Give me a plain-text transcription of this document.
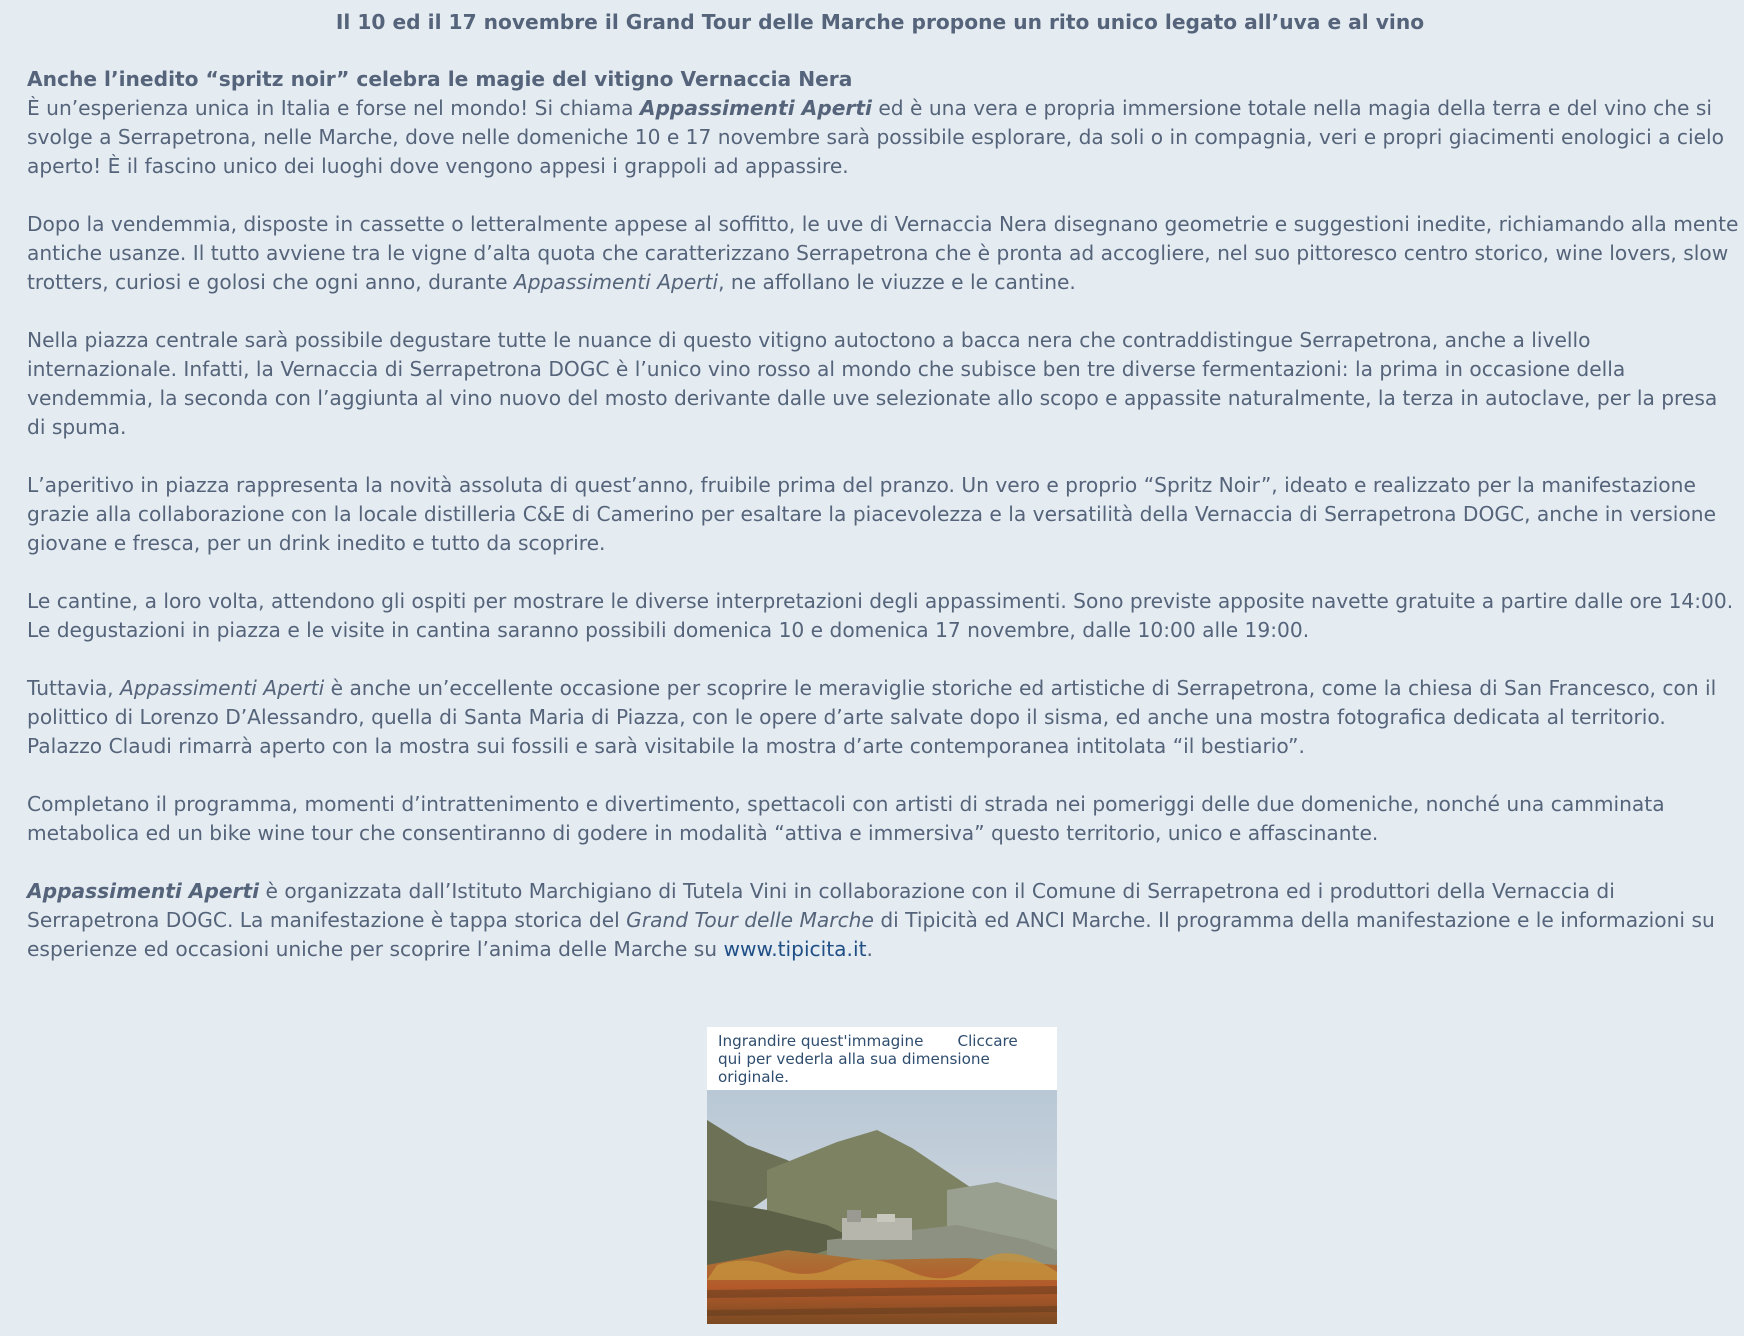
Il 10 ed il 17 novembre il Grand Tour delle Marche propone un rito unico legato all’uva e al vino

Anche l’inedito “spritz noir” celebra le magie del vitigno Vernaccia Nera
È un’esperienza unica in Italia e forse nel mondo! Si chiama Appassimenti Aperti ed è una vera e propria immersione totale nella magia della terra e del vino che si svolge a Serrapetrona, nelle Marche, dove nelle domeniche 10 e 17 novembre sarà possibile esplorare, da soli o in compagnia, veri e propri giacimenti enologici a cielo aperto! È il fascino unico dei luoghi dove vengono appesi i grappoli ad appassire.

Dopo la vendemmia, disposte in cassette o letteralmente appese al soffitto, le uve di Vernaccia Nera disegnano geometrie e suggestioni inedite, richiamando alla mente antiche usanze. Il tutto avviene tra le vigne d’alta quota che caratterizzano Serrapetrona che è pronta ad accogliere, nel suo pittoresco centro storico, wine lovers, slow trotters, curiosi e golosi che ogni anno, durante Appassimenti Aperti, ne affollano le viuzze e le cantine.

Nella piazza centrale sarà possibile degustare tutte le nuance di questo vitigno autoctono a bacca nera che contraddistingue Serrapetrona, anche a livello internazionale. Infatti, la Vernaccia di Serrapetrona DOGC è l’unico vino rosso al mondo che subisce ben tre diverse fermentazioni: la prima in occasione della vendemmia, la seconda con l’aggiunta al vino nuovo del mosto derivante dalle uve selezionate allo scopo e appassite naturalmente, la terza in autoclave, per la presa di spuma.

L’aperitivo in piazza rappresenta la novità assoluta di quest’anno, fruibile prima del pranzo. Un vero e proprio “Spritz Noir”, ideato e realizzato per la manifestazione grazie alla collaborazione con la locale distilleria C&E di Camerino per esaltare la piacevolezza e la versatilità della Vernaccia di Serrapetrona DOGC, anche in versione giovane e fresca, per un drink inedito e tutto da scoprire.

Le cantine, a loro volta, attendono gli ospiti per mostrare le diverse interpretazioni degli appassimenti. Sono previste apposite navette gratuite a partire dalle ore 14:00. Le degustazioni in piazza e le visite in cantina saranno possibili domenica 10 e domenica 17 novembre, dalle 10:00 alle 19:00.

Tuttavia, Appassimenti Aperti è anche un’eccellente occasione per scoprire le meraviglie storiche ed artistiche di Serrapetrona, come la chiesa di San Francesco, con il polittico di Lorenzo D’Alessandro, quella di Santa Maria di Piazza, con le opere d’arte salvate dopo il sisma, ed anche una mostra fotografica dedicata al territorio. Palazzo Claudi rimarrà aperto con la mostra sui fossili e sarà visitabile la mostra d’arte contemporanea intitolata “il bestiario”.

Completano il programma, momenti d’intrattenimento e divertimento, spettacoli con artisti di strada nei pomeriggi delle due domeniche, nonché una camminata metabolica ed un bike wine tour che consentiranno di godere in modalità “attiva e immersiva” questo territorio, unico e affascinante.

Appassimenti Aperti è organizzata dall’Istituto Marchigiano di Tutela Vini in collaborazione con il Comune di Serrapetrona ed i produttori della Vernaccia di Serrapetrona DOGC. La manifestazione è tappa storica del Grand Tour delle Marche di Tipicità ed ANCI Marche. Il programma della manifestazione e le informazioni su esperienze ed occasioni uniche per scoprire l’anima delle Marche su www.tipicita.it.

Ingrandire quest'immagine Cliccare qui per vederla alla sua dimensione originale.
